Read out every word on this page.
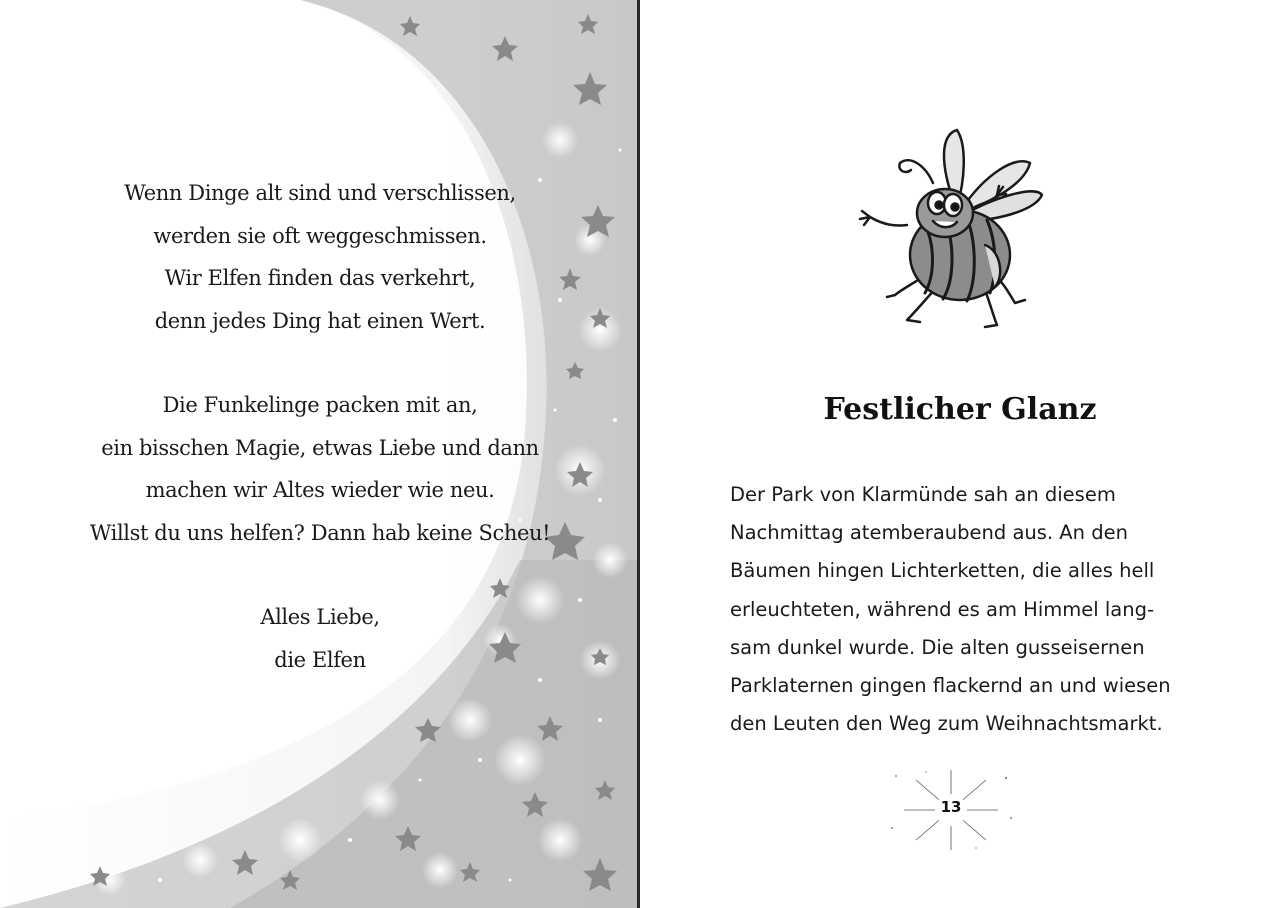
Wenn Dinge alt sind und verschlissen,
werden sie oft weggeschmissen.
Wir Elfen finden das verkehrt,
denn jedes Ding hat einen Wert.
Die Funkelinge packen mit an,
ein bisschen Magie, etwas Liebe und dann
machen wir Altes wieder wie neu.
Willst du uns helfen? Dann hab keine Scheu!
Alles Liebe,
die Elfen
Festlicher Glanz
Der Park von Klarmünde sah an diesem
Nachmittag atemberaubend aus. An den
Bäumen hingen Lichterketten, die alles hell
erleuchteten, während es am Himmel lang-
sam dunkel wurde. Die alten gusseisernen
Parklaternen gingen flackernd an und wiesen
den Leuten den Weg zum Weihnachtsmarkt.
13
